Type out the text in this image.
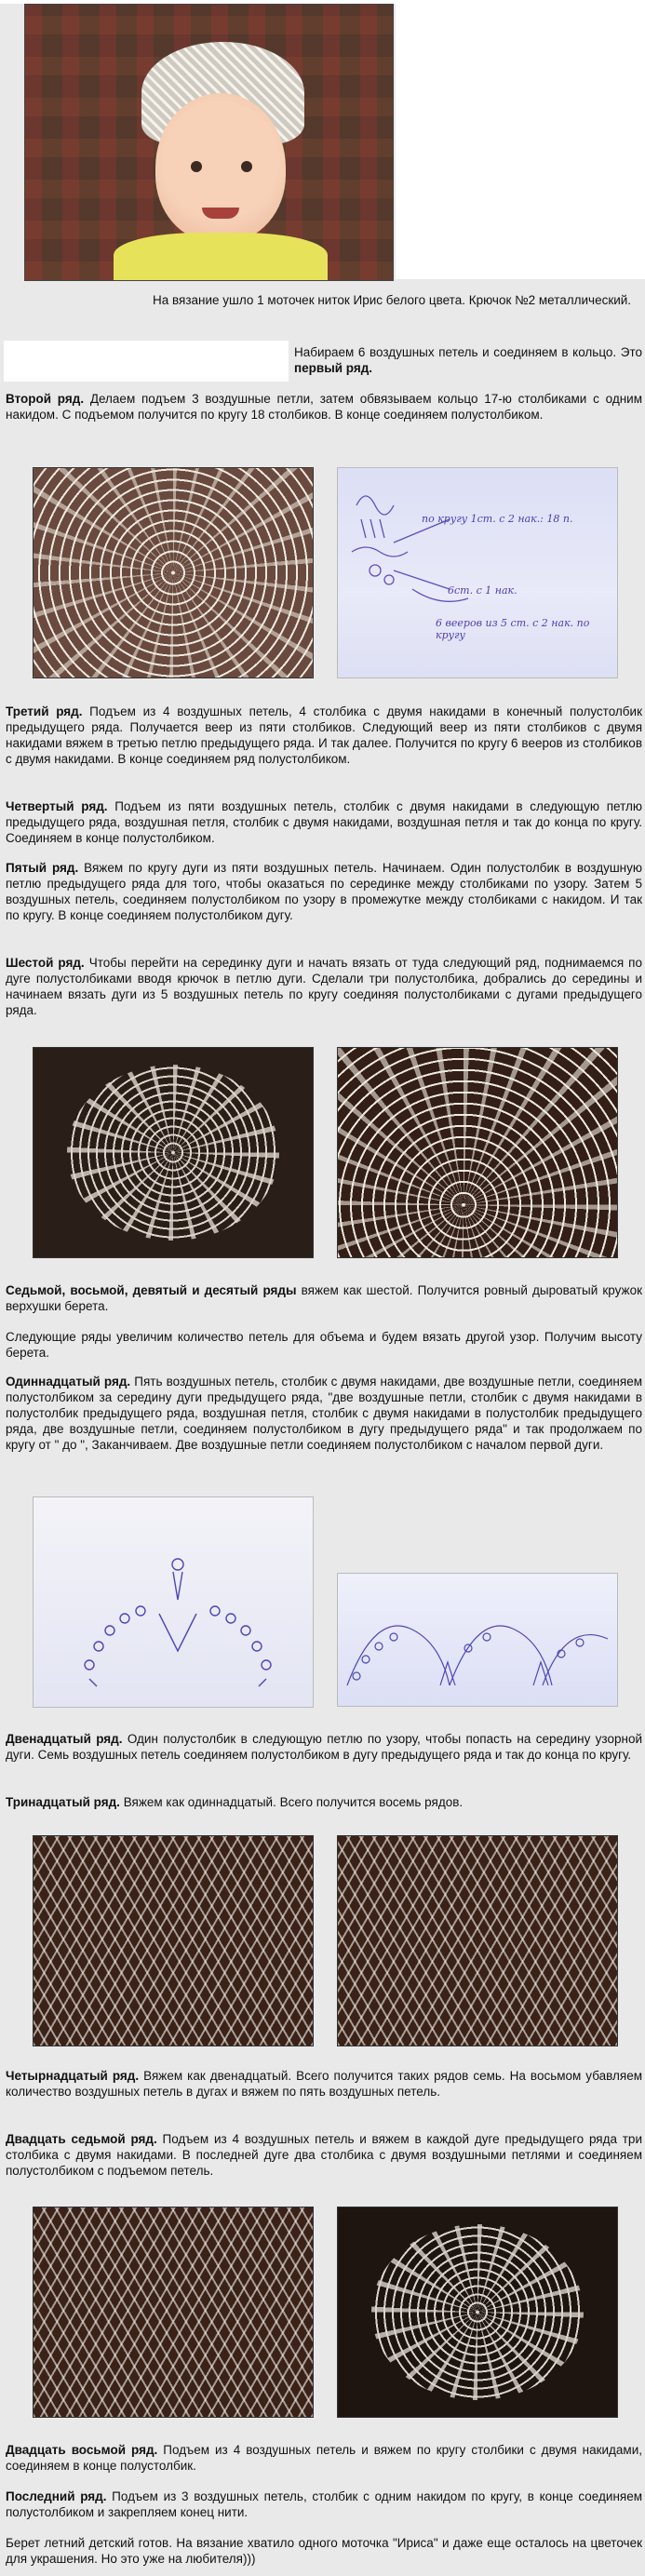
На вязание ушло 1 моточек ниток Ирис белого цвета. Крючок №2 металлический.

Набираем 6 воздушных петель и соединяем в кольцо. Это первый ряд.

Второй ряд. Делаем подъем 3 воздушные петли, затем обвязываем кольцо 17-ю столбиками с одним накидом. С подъемом получится по кругу 18 столбиков. В конце соединяем полустолбиком.

по кругу 1ст. с 2 нак.: 18 п.
6ст. с 1 нак.
6 вееров из 5 ст. с 2 нак. по кругу

Третий ряд. Подъем из 4 воздушных петель, 4 столбика с двумя накидами в конечный полустолбик предыдущего ряда. Получается веер из пяти столбиков. Следующий веер из пяти столбиков с двумя накидами вяжем в третью петлю предыдущего ряда. И так далее. Получится по кругу 6 вееров из столбиков с двумя накидами. В конце соединяем ряд полустолбиком.

Четвертый ряд. Подъем из пяти воздушных петель, столбик с двумя накидами в следующую петлю предыдущего ряда, воздушная петля, столбик с двумя накидами, воздушная петля и так до конца по кругу. Соединяем в конце полустолбиком.

Пятый ряд. Вяжем по кругу дуги из пяти воздушных петель. Начинаем. Один полустолбик в воздушную петлю предыдущего ряда для того, чтобы оказаться по серединке между столбиками по узору. Затем 5 воздушных петель, соединяем полустолбиком по узору в промежутке между столбиками с накидом. И так по кругу. В конце соединяем полустолбиком дугу.

Шестой ряд. Чтобы перейти на серединку дуги и начать вязать от туда следующий ряд, поднимаемся по дуге полустолбиками вводя крючок в петлю дуги. Сделали три полустолбика, добрались до середины и начинаем вязать дуги из 5 воздушных петель по кругу соединяя полустолбиками с дугами предыдущего ряда.

Седьмой, восьмой, девятый и десятый ряды вяжем как шестой. Получится ровный дыроватый кружок верхушки берета.

Следующие ряды увеличим количество петель для объема и будем вязать другой узор. Получим высоту берета.

Одиннадцатый ряд. Пять воздушных петель, столбик с двумя накидами, две воздушные петли, соединяем полустолбиком за середину дуги предыдущего ряда, "две воздушные петли, столбик с двумя накидами в полустолбик предыдущего ряда, воздушная петля, столбик с двумя накидами в полустолбик предыдущего ряда, две воздушные петли, соединяем полустолбиком в дугу предыдущего ряда" и так продолжаем по кругу от " до ", Заканчиваем. Две воздушные петли соединяем полустолбиком с началом первой дуги.

Двенадцатый ряд. Один полустолбик в следующую петлю по узору, чтобы попасть на середину узорной дуги. Семь воздушных петель соединяем полустолбиком в дугу предыдущего ряда и так до конца по кругу.

Тринадцатый ряд. Вяжем как одиннадцатый. Всего получится восемь рядов.

Четырнадцатый ряд. Вяжем как двенадцатый. Всего получится таких рядов семь. На восьмом убавляем количество воздушных петель в дугах и вяжем по пять воздушных петель.

Двадцать седьмой ряд. Подъем из 4 воздушных петель и вяжем в каждой дуге предыдущего ряда три столбика с двумя накидами. В последней дуге два столбика с двумя воздушными петлями и соединяем полустолбиком с подъемом петель.

Двадцать восьмой ряд. Подъем из 4 воздушных петель и вяжем по кругу столбики с двумя накидами, соединяем в конце полустолбик.

Последний ряд. Подъем из 3 воздушных петель, столбик с одним накидом по кругу, в конце соединяем полустолбиком и закрепляем конец нити.

Берет летний детский готов. На вязание хватило одного моточка "Ириса" и даже еще осталось на цветочек для украшения. Но это уже на любителя)))
